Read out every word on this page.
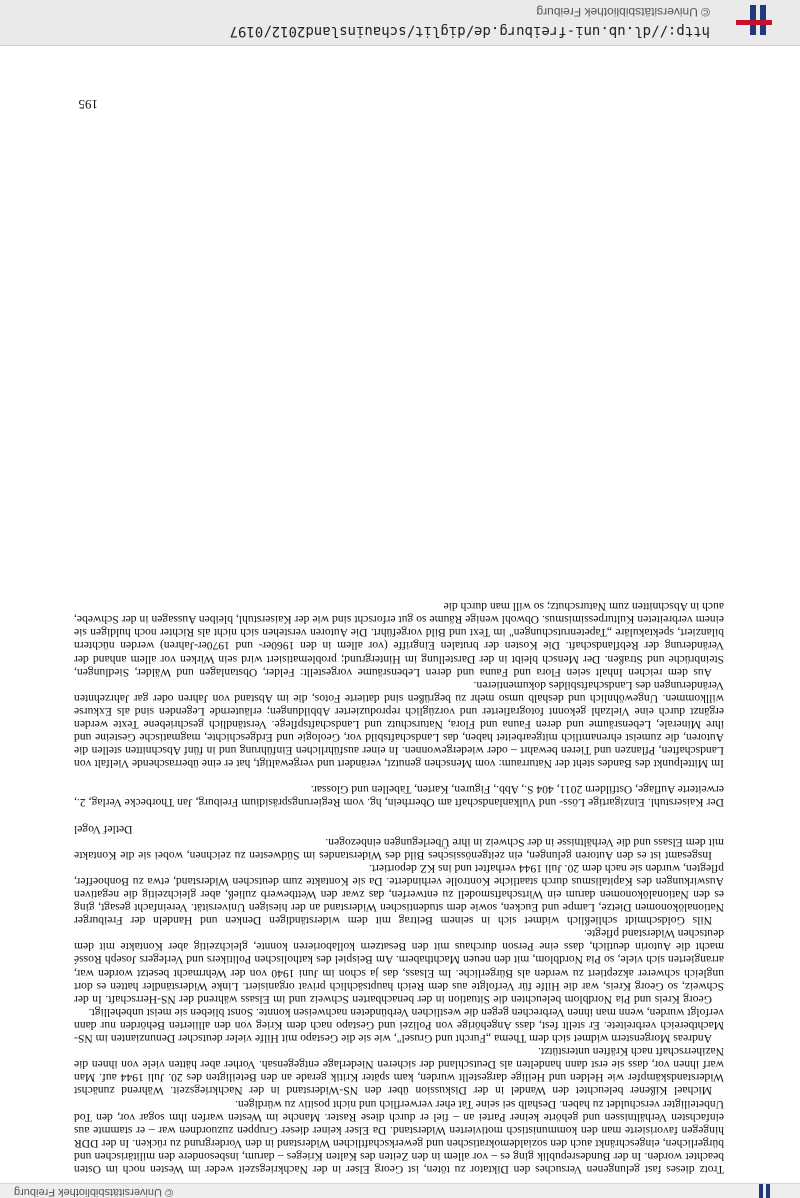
© Universitätsbibliothek Freiburg

Trotz dieses fast gelungenen Versuches den Diktator zu töten, ist Georg Elser in der Nachkriegszeit weder im Westen noch im Osten beachtet worden. In der Bundesrepublik ging es – vor allem in den Zeiten des Kalten Krieges – darum, insbesondere den militärischen und bürgerlichen, eingeschränkt auch den sozialdemokratischen und gewerkschaftlichen Widerstand in den Vordergrund zu rücken. In der DDR hingegen favorisierte man den kommunistisch motivierten Widerstand. Da Elser keiner dieser Gruppen zuzuordnen war – er stammte aus einfachsten Verhältnissen und gehörte keiner Partei an – fiel er durch diese Raster. Manche im Westen warfen ihm sogar vor, den Tod Unbeteiligter verschuldet zu haben. Deshalb sei seine Tat eher verwerflich und nicht positiv zu würdigen.

Michael Kißener beleuchtet den Wandel in der Diskussion über den NS-Widerstand in der Nachkriegszeit. Während zunächst Widerstandskämpfer wie Helden und Heilige dargestellt wurden, kam später Kritik gerade an den Beteiligten des 20. Juli 1944 auf. Man warf ihnen vor, dass sie erst dann handelten als Deutschland der sicheren Niederlage entgegensah. Vorher aber hätten viele von ihnen die Naziherrschaft nach Kräften unterstützt.

Andreas Morgenstern widmet sich dem Thema „Furcht und Grusel", wie sie die Gestapo mit Hilfe vieler deutscher Denunzianten im NS-Machtbereich verbreitete. Er stellt fest, dass Angehörige von Polizei und Gestapo nach dem Krieg von den alliierten Behörden nur dann verfolgt wurden, wenn man ihnen Verbrechen gegen die westlichen Verbündeten nachweisen konnte. Sonst blieben sie meist unbehelligt.

Georg Kreis und Pia Nordblom beleuchten die Situation in der benachbarten Schweiz und im Elsass während der NS-Herrschaft. In der Schweiz, so Georg Kreis, war die Hilfe für Verfolgte aus dem Reich hauptsächlich privat organisiert. Linke Widerständler hatten es dort ungleich schwerer akzeptiert zu werden als Bürgerliche. Im Elsass, das ja schon im Juni 1940 von der Wehrmacht besetzt worden war, arrangierten sich viele, so Pia Nordblom, mit den neuen Machthabern. Am Beispiel des katholischen Politikers und Verlegers Joseph Rossé macht die Autorin deutlich, dass eine Person durchaus mit den Besatzern kollaborieren konnte, gleichzeitig aber Kontakte mit dem deutschen Widerstand pflegte.

Nils Goldschmidt schließlich widmet sich in seinem Beitrag mit dem widerständigen Denken und Handeln der Freiburger Nationalökonomen Dietze, Lampe und Eucken, sowie dem studentischen Widerstand an der hiesigen Universität. Vereinfacht gesagt, ging es den Nationalökonomen darum ein Wirtschaftsmodell zu entwerfen, das zwar den Wettbewerb zuließ, aber gleichzeitig die negativen Auswirkungen des Kapitalismus durch staatliche Kontrolle verhinderte. Da sie Kontakte zum deutschen Widerstand, etwa zu Bonhoeffer, pflegten, wurden sie nach dem 20. Juli 1944 verhaftet und ins KZ deportiert.

Insgesamt ist es den Autoren gelungen, ein zeitgenössisches Bild des Widerstandes im Südwesten zu zeichnen, wobei sie die Kontakte mit dem Elsass und die Verhältnisse in der Schweiz in ihre Überlegungen einbezogen.

Detlef Vogel

Der Kaiserstuhl. Einzigartige Löss- und Vulkanlandschaft am Oberrhein, hg. vom Regierungspräsidium Freiburg, Jan Thorbecke Verlag, 2., erweiterte Auflage, Ostfildern 2011, 404 S., Abb., Figuren, Karten, Tabellen und Glossar.

Im Mittelpunkt des Bandes steht der Naturraum: vom Menschen genutzt, verändert und vergewaltigt, hat er eine überraschende Vielfalt von Landschaften, Pflanzen und Tieren bewahrt – oder wiedergewonnen. In einer ausführlichen Einführung und in fünf Abschnitten stellen die Autoren, die zumeist ehrenamtlich mitgearbeitet haben, das Landschaftsbild vor, Geologie und Erdgeschichte, magmatische Gesteine und ihre Minerale, Lebensräume und deren Fauna und Flora, Naturschutz und Landschaftspflege. Verständlich geschriebene Texte werden ergänzt durch eine Vielzahl gekonnt fotografierter und vorzüglich reproduzierter Abbildungen; erläuternde Legenden sind als Exkurse willkommen. Ungewöhnlich und deshalb umso mehr zu begrüßen sind datierte Fotos, die im Abstand von Jahren oder gar Jahrzehnten Veränderungen des Landschaftsbildes dokumentieren.

Aus dem reichen Inhalt seien Flora und Fauna und deren Lebensräume vorgestellt: Felder, Obstanlagen und Wälder, Siedlungen, Steinbrüche und Straßen. Der Mensch bleibt in der Darstellung im Hintergrund; problematisiert wird sein Wirken vor allem anhand der Veränderung der Rebflandschaft. Die Kosten der brutalen Eingriffe (vor allem in den 1960er- und 1970er-Jahren) werden nüchtern bilanziert, spektakuläre „Tapetenrutschungen" im Text und Bild vorgeführt. Die Autoren verstehen sich nicht als Richter noch huldigen sie einem verbreiteten Kulturpessimismus. Obwohl wenige Räume so gut erforscht sind wie der Kaiserstuhl, bleiben Aussagen in der Schwebe, auch in Abschnitten zum Naturschutz; so will man durch die

195
http://dl.ub.uni-freiburg.de/diglit/schauinsland2012/0197
© Universitätsbibliothek Freiburg
